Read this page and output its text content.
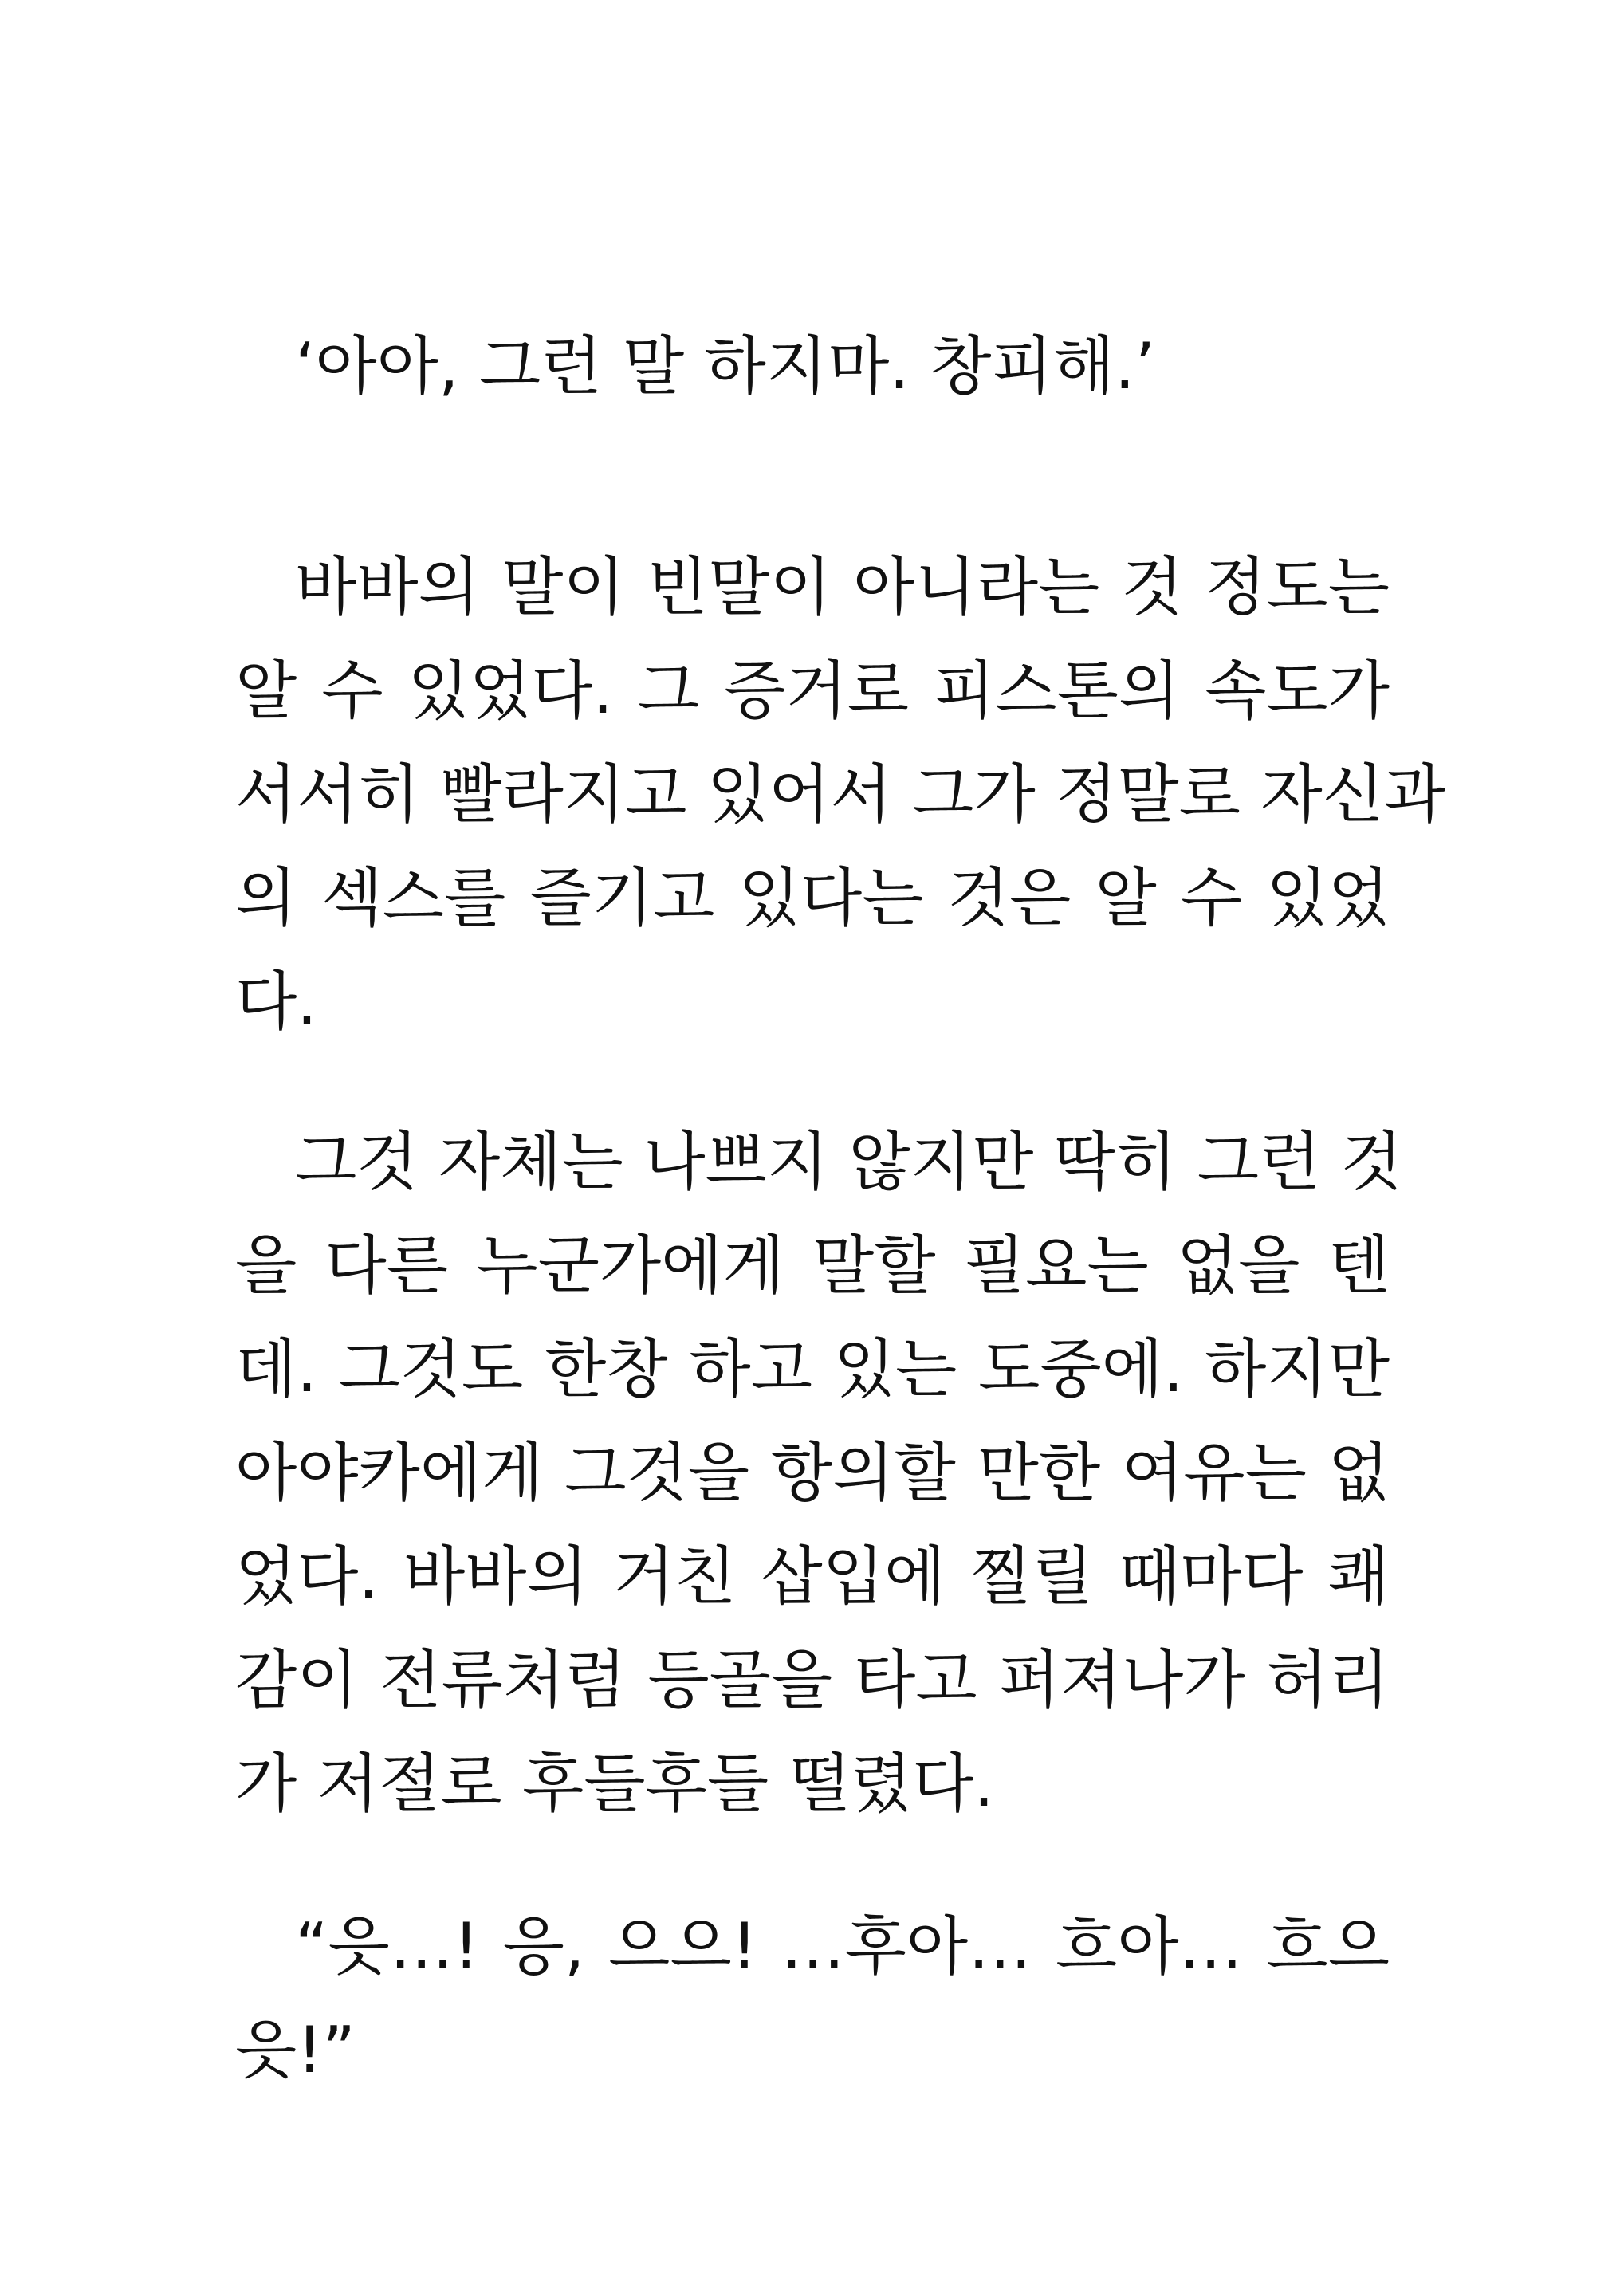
‘아아, 그런 말 하지마. 창피해.’
바바의 말이 빈말이 아니라는 것 정도는
알 수 있었다. 그 증거로 피스톤의 속도가
서서히 빨라지고 있어서 그가 정말로 자신과
의 섹스를 즐기고 있다는 것은 알 수 있었
다.
그것 자체는 나쁘지 않지만 딱히 그런 것
을 다른 누군가에게 말할 필요는 없을 텐
데. 그것도 한창 하고 있는 도중에. 하지만
아야카에게 그것을 항의할 만한 여유는 없
었다. 바바의 거친 삽입에 찔릴 때마다 쾌
감이 전류처럼 등골을 타고 퍼져나가 허리
가 저절로 후들후들 떨렸다.
“읏…! 응, 으으! …후아… 흐아… 흐으
읏!”
